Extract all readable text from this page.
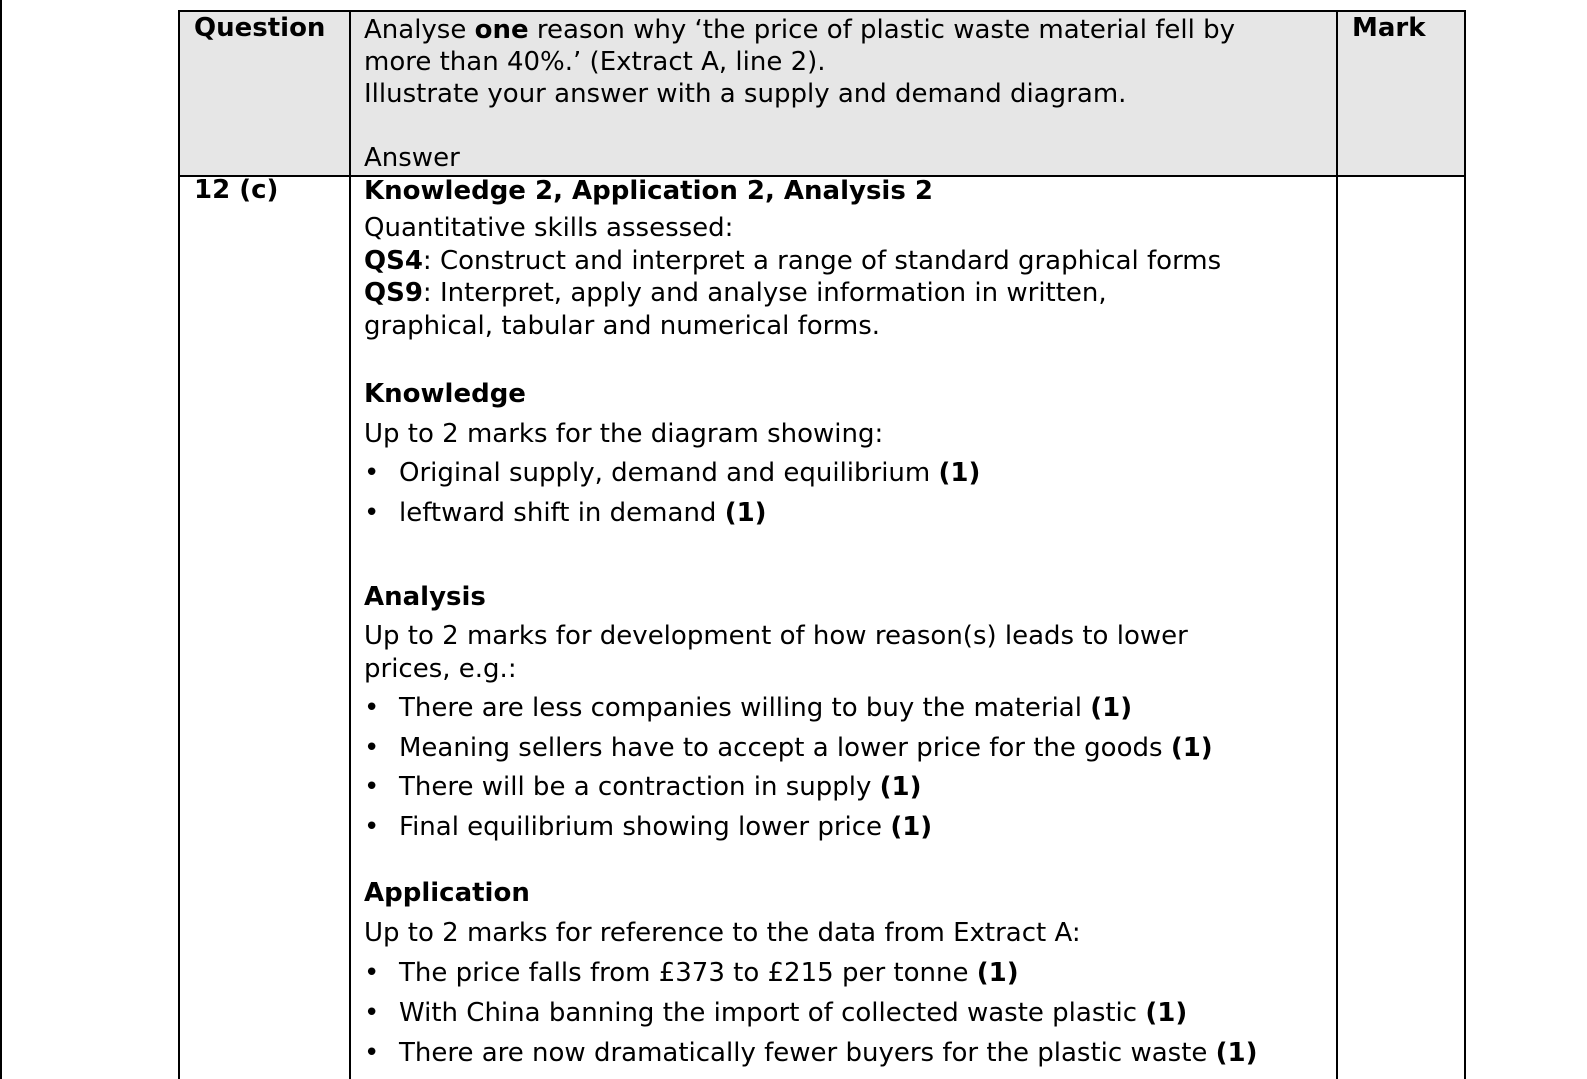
Question	Mark
Analyse one reason why ‘the price of plastic waste material fell by
more than 40%.’ (Extract A, line 2).
Illustrate your answer with a supply and demand diagram.
Answer
12 (c)	Knowledge 2, Application 2, Analysis 2
Quantitative skills assessed:
QS4: Construct and interpret a range of standard graphical forms
QS9: Interpret, apply and analyse information in written,
graphical, tabular and numerical forms.
Knowledge
Up to 2 marks for the diagram showing:
• Original supply, demand and equilibrium (1)
• leftward shift in demand (1)
Analysis
Up to 2 marks for development of how reason(s) leads to lower
prices, e.g.:
• There are less companies willing to buy the material (1)
• Meaning sellers have to accept a lower price for the goods (1)
• There will be a contraction in supply (1)
• Final equilibrium showing lower price (1)
Application
Up to 2 marks for reference to the data from Extract A:
• The price falls from £373 to £215 per tonne (1)
• With China banning the import of collected waste plastic (1)
• There are now dramatically fewer buyers for the plastic waste (1)
